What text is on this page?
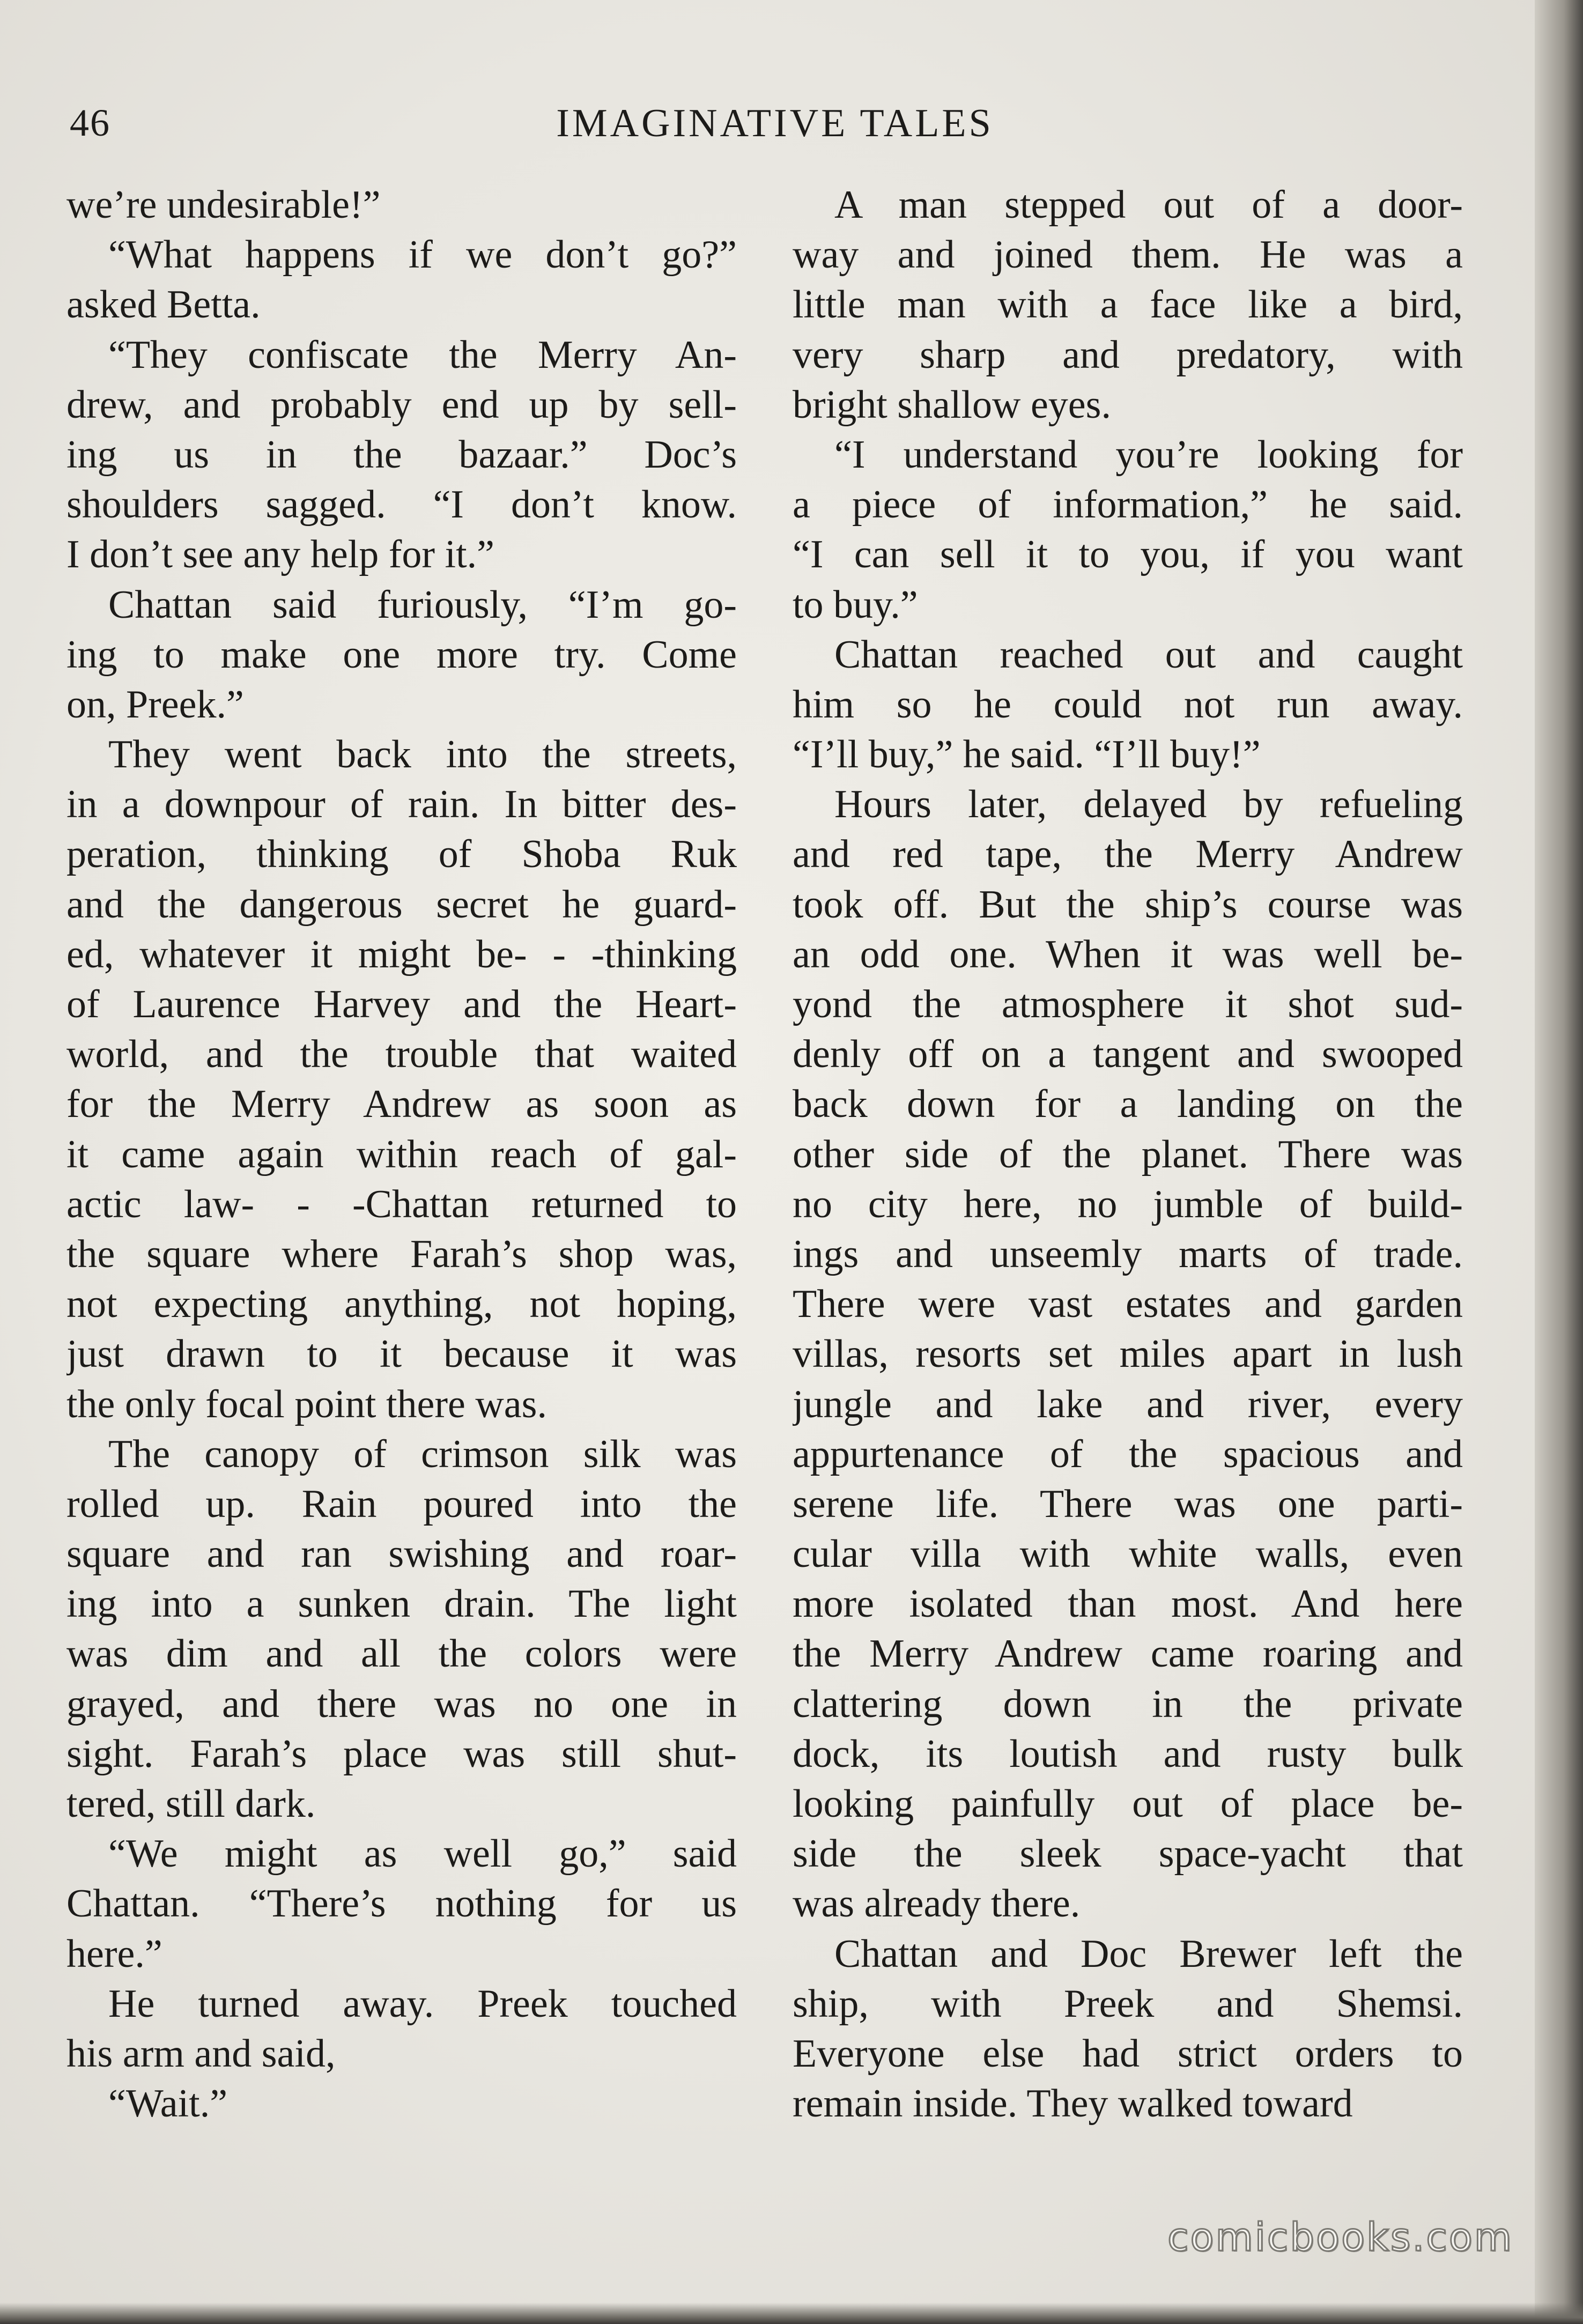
46	IMAGINATIVE TALES
we’re undesirable!”
“What happens if we don’t go?”
asked Betta.
“They confiscate the Merry An-
drew, and probably end up by sell-
ing us in the bazaar.” Doc’s
shoulders sagged. “I don’t know.
I don’t see any help for it.”
Chattan said furiously, “I’m go-
ing to make one more try. Come
on, Preek.”
They went back into the streets,
in a downpour of rain. In bitter des-
peration, thinking of Shoba Ruk
and the dangerous secret he guard-
ed, whatever it might be- - -thinking
of Laurence Harvey and the Heart-
world, and the trouble that waited
for the Merry Andrew as soon as
it came again within reach of gal-
actic law- - -Chattan returned to
the square where Farah’s shop was,
not expecting anything, not hoping,
just drawn to it because it was
the only focal point there was.
The canopy of crimson silk was
rolled up. Rain poured into the
square and ran swishing and roar-
ing into a sunken drain. The light
was dim and all the colors were
grayed, and there was no one in
sight. Farah’s place was still shut-
tered, still dark.
“We might as well go,” said
Chattan. “There’s nothing for us
here.”
He turned away. Preek touched
his arm and said,
“Wait.”
A man stepped out of a door-
way and joined them. He was a
little man with a face like a bird,
very sharp and predatory, with
bright shallow eyes.
“I understand you’re looking for
a piece of information,” he said.
“I can sell it to you, if you want
to buy.”
Chattan reached out and caught
him so he could not run away.
“I’ll buy,” he said. “I’ll buy!”
Hours later, delayed by refueling
and red tape, the Merry Andrew
took off. But the ship’s course was
an odd one. When it was well be-
yond the atmosphere it shot sud-
denly off on a tangent and swooped
back down for a landing on the
other side of the planet. There was
no city here, no jumble of build-
ings and unseemly marts of trade.
There were vast estates and garden
villas, resorts set miles apart in lush
jungle and lake and river, every
appurtenance of the spacious and
serene life. There was one parti-
cular villa with white walls, even
more isolated than most. And here
the Merry Andrew came roaring and
clattering down in the private
dock, its loutish and rusty bulk
looking painfully out of place be-
side the sleek space-yacht that
was already there.
Chattan and Doc Brewer left the
ship, with Preek and Shemsi.
Everyone else had strict orders to
remain inside. They walked toward
comicbooks.com
